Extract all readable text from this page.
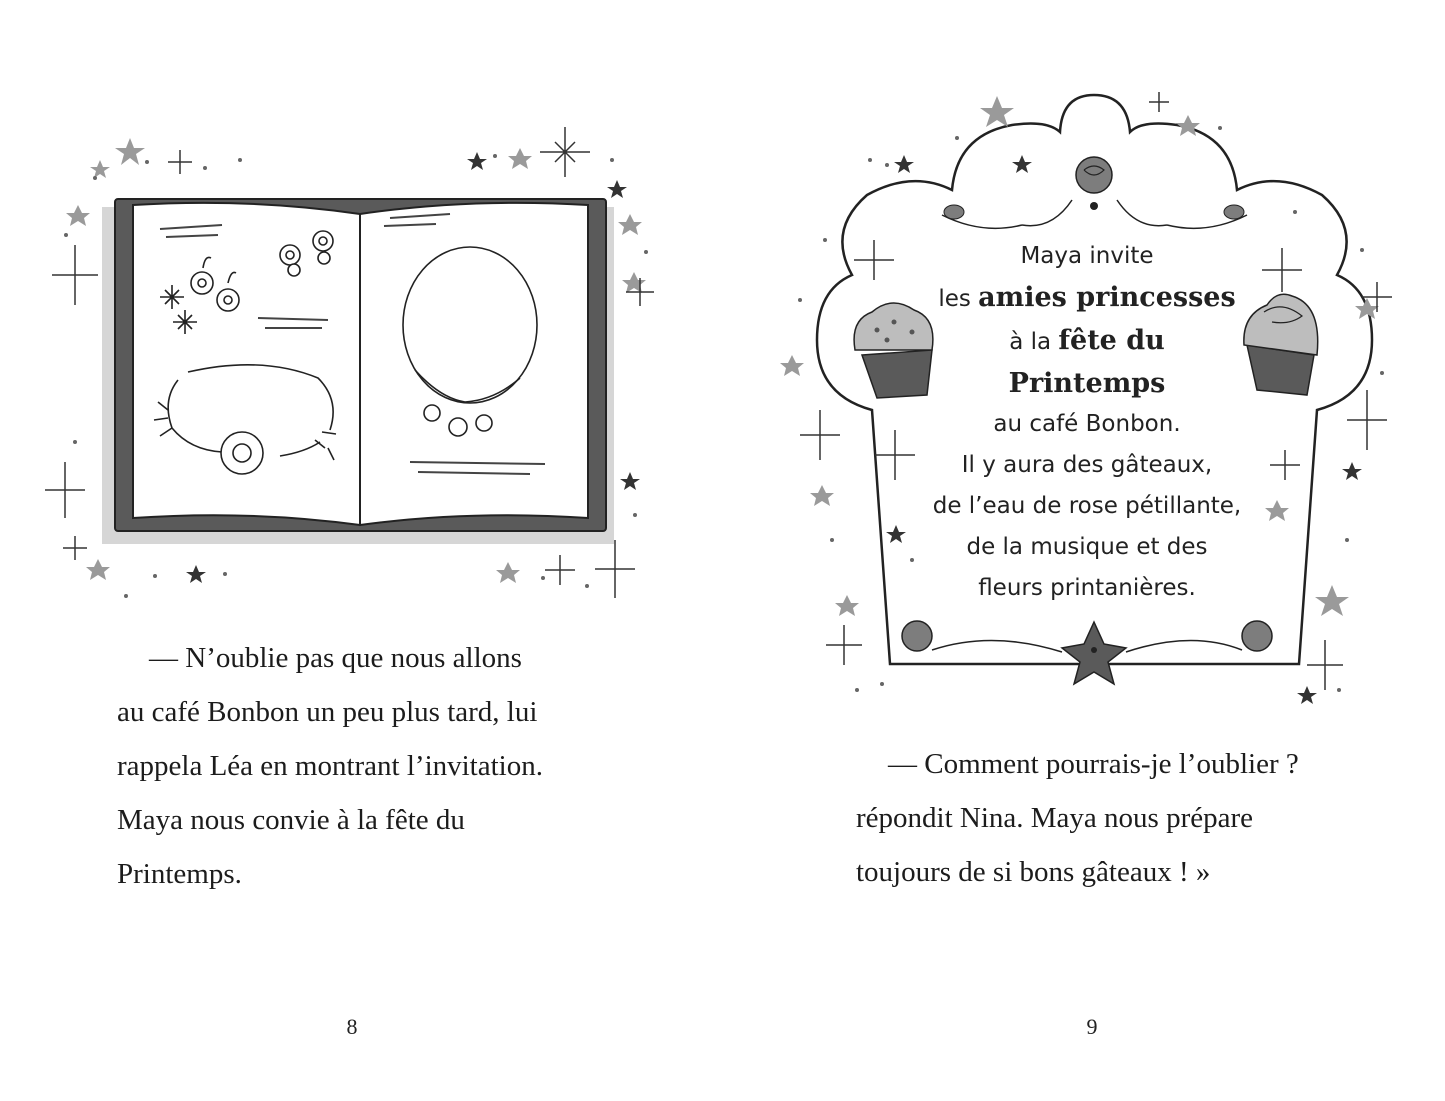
— N’oublie pas que nous allons
au café Bonbon un peu plus tard, lui
rappela Léa en montrant l’invitation.
Maya nous convie à la fête du
Printemps.

8
Maya invite
les amies princesses
à la fête du
Printemps
au café Bonbon.
Il y aura des gâteaux,
de l’eau de rose pétillante,
de la musique et des
fleurs printanières.

— Comment pourrais-je l’oublier ?
répondit Nina. Maya nous prépare
toujours de si bons gâteaux ! »

9
